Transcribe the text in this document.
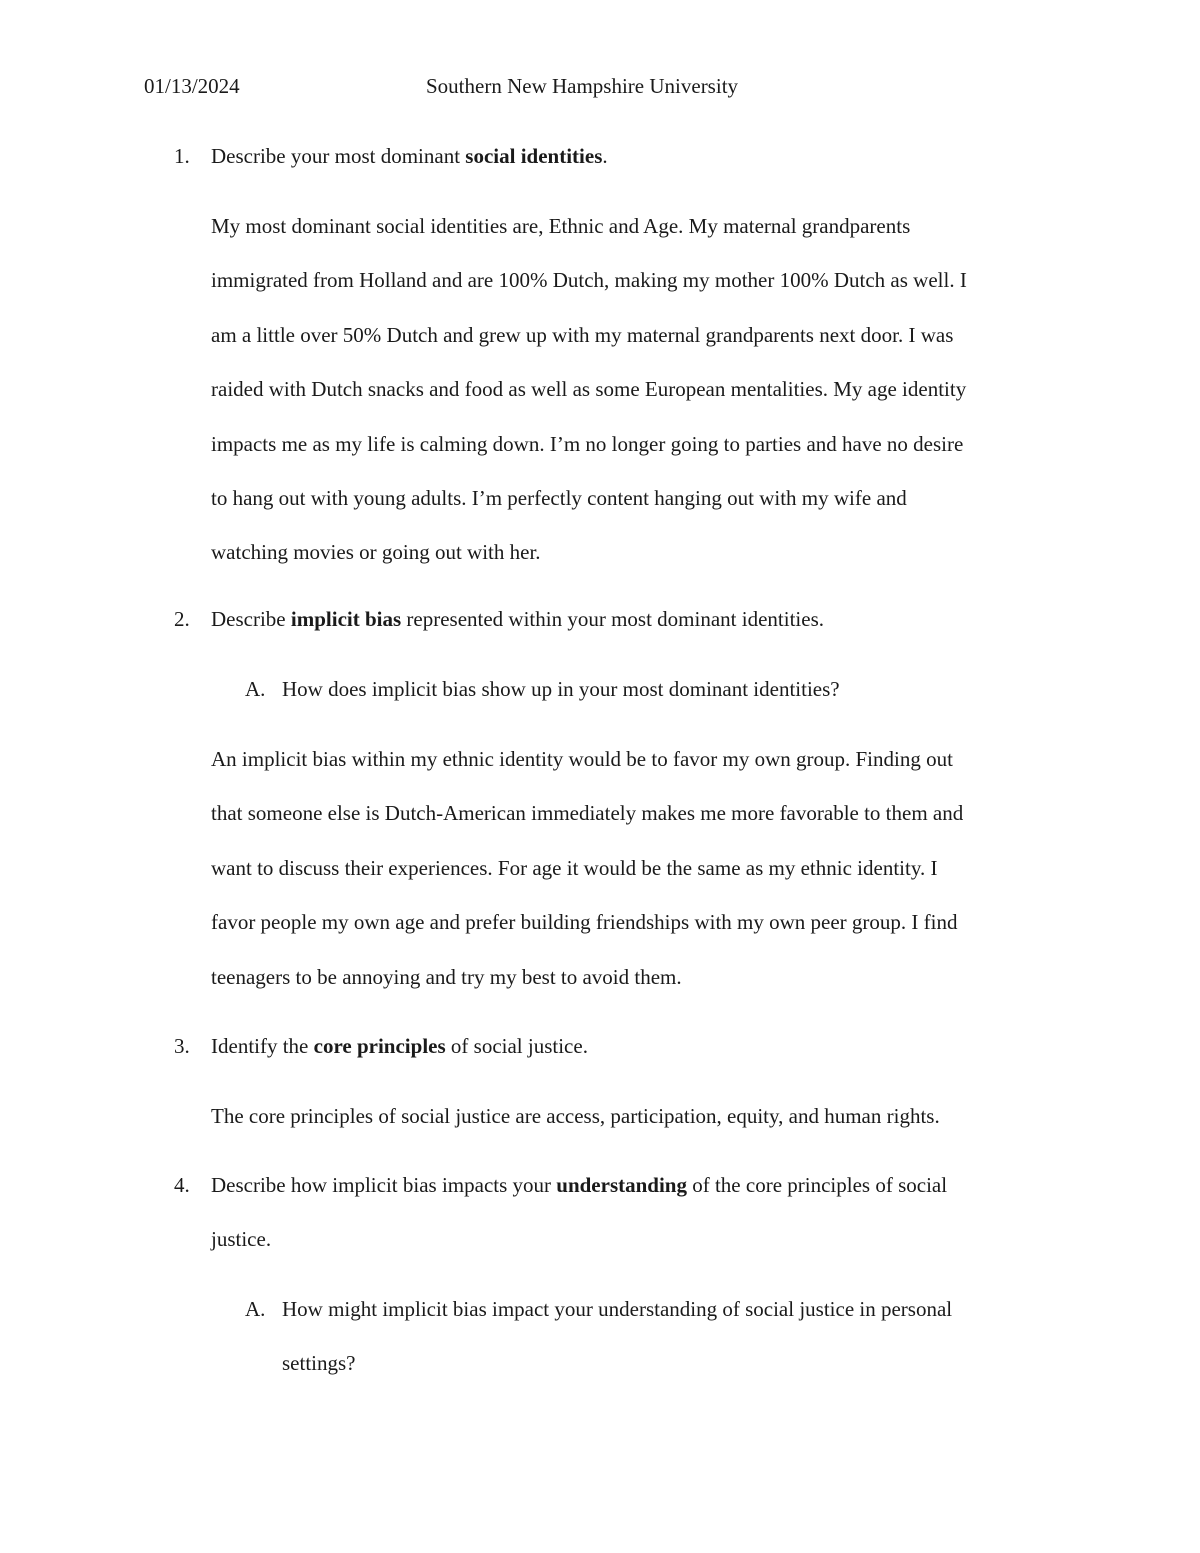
01/13/2024	Southern New Hampshire University
1.	Describe your most dominant social identities.
My most dominant social identities are, Ethnic and Age. My maternal grandparents
immigrated from Holland and are 100% Dutch, making my mother 100% Dutch as well. I
am a little over 50% Dutch and grew up with my maternal grandparents next door. I was
raided with Dutch snacks and food as well as some European mentalities. My age identity
impacts me as my life is calming down. I’m no longer going to parties and have no desire
to hang out with young adults. I’m perfectly content hanging out with my wife and
watching movies or going out with her.
2.	Describe implicit bias represented within your most dominant identities.
A. How does implicit bias show up in your most dominant identities?
An implicit bias within my ethnic identity would be to favor my own group. Finding out
that someone else is Dutch-American immediately makes me more favorable to them and
want to discuss their experiences. For age it would be the same as my ethnic identity. I
favor people my own age and prefer building friendships with my own peer group. I find
teenagers to be annoying and try my best to avoid them.
3.	Identify the core principles of social justice.
The core principles of social justice are access, participation, equity, and human rights.
4.	Describe how implicit bias impacts your understanding of the core principles of social
justice.
A. How might implicit bias impact your understanding of social justice in personal
settings?
